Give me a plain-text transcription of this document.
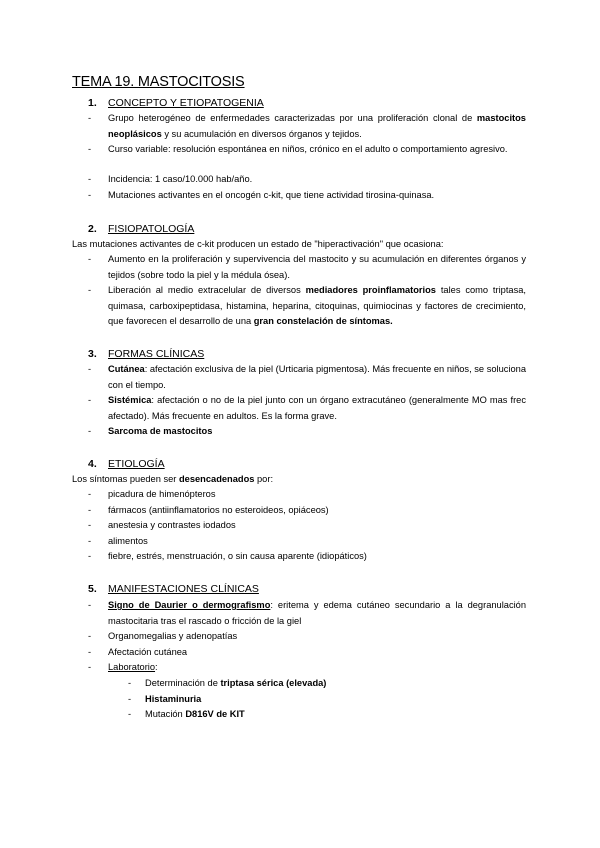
TEMA 19. MASTOCITOSIS
1. CONCEPTO Y ETIOPATOGENIA
- Grupo heterogéneo de enfermedades caracterizadas por una proliferación clonal de mastocitos neoplásicos y su acumulación en diversos órganos y tejidos.
- Curso variable: resolución espontánea en niños, crónico en el adulto o comportamiento agresivo.
- Incidencia: 1 caso/10.000 hab/año.
- Mutaciones activantes en el oncogén c-kit, que tiene actividad tirosina-quinasa.
2. FISIOPATOLOGÍA
Las mutaciones activantes de c-kit producen un estado de "hiperactivación" que ocasiona:
- Aumento en la proliferación y supervivencia del mastocito y su acumulación en diferentes órganos y tejidos (sobre todo la piel y la médula ósea).
- Liberación al medio extracelular de diversos mediadores proinflamatorios tales como triptasa, quimasa, carboxipeptidasa, histamina, heparina, citoquinas, quimiocinas y factores de crecimiento, que favorecen el desarrollo de una gran constelación de síntomas.
3. FORMAS CLÍNICAS
- Cutánea: afectación exclusiva de la piel (Urticaria pigmentosa). Más frecuente en niños, se soluciona con el tiempo.
- Sistémica: afectación o no de la piel junto con un órgano extracutáneo (generalmente MO mas frec afectado). Más frecuente en adultos. Es la forma grave.
- Sarcoma de mastocitos
4. ETIOLOGÍA
Los síntomas pueden ser desencadenados por:
- picadura de himenópteros
- fármacos (antiinflamatorios no esteroideos, opiáceos)
- anestesia y contrastes iodados
- alimentos
- fiebre, estrés, menstruación, o sin causa aparente (idiopáticos)
5. MANIFESTACIONES CLÍNICAS
- Signo de Daurier o dermografismo: eritema y edema cutáneo secundario a la degranulación mastocitaria tras el rascado o fricción de la giel
- Organomegalias y adenopatías
- Afectación cutánea
- Laboratorio:
- Determinación de triptasa sérica (elevada)
- Histaminuria
- Mutación D816V de KIT
